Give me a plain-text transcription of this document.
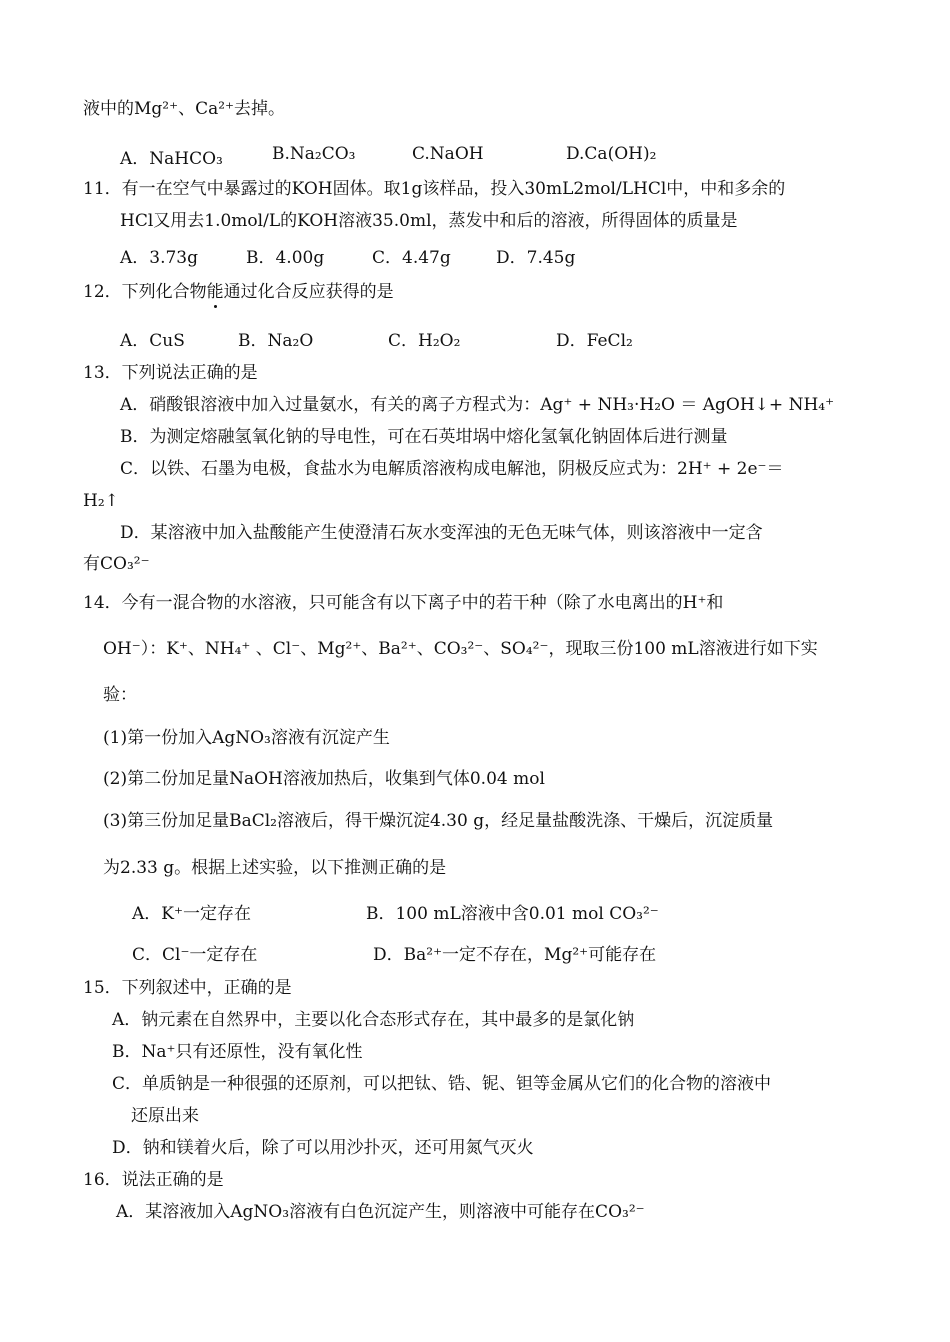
液中的Mg²⁺、Ca²⁺去掉。
A．NaHCO₃	B.Na₂CO₃	C.NaOH	D.Ca(OH)₂
11．有一在空气中暴露过的KOH固体。取1g该样品，投入30mL2mol/LHCl中，中和多余的
HCl又用去1.0mol/L的KOH溶液35.0ml，蒸发中和后的溶液，所得固体的质量是
A．3.73g	B．4.00g	C．4.47g	D．7.45g
12．下列化合物能通过化合反应获得的是
A．CuS	B．Na₂O	C．H₂O₂	D．FeCl₂
13．下列说法正确的是
A．硝酸银溶液中加入过量氨水，有关的离子方程式为：Ag⁺ + NH₃·H₂O ＝ AgOH↓+ NH₄⁺
B．为测定熔融氢氧化钠的导电性，可在石英坩埚中熔化氢氧化钠固体后进行测量
C．以铁、石墨为电极，食盐水为电解质溶液构成电解池，阴极反应式为：2H⁺ + 2e⁻＝
H₂↑
D．某溶液中加入盐酸能产生使澄清石灰水变浑浊的无色无味气体，则该溶液中一定含
有CO₃²⁻
14．今有一混合物的水溶液，只可能含有以下离子中的若干种（除了水电离出的H⁺和
OH⁻）：K⁺、NH₄⁺ 、Cl⁻、Mg²⁺、Ba²⁺、CO₃²⁻、SO₄²⁻，现取三份100 mL溶液进行如下实
验：
(1)第一份加入AgNO₃溶液有沉淀产生
(2)第二份加足量NaOH溶液加热后，收集到气体0.04 mol
(3)第三份加足量BaCl₂溶液后，得干燥沉淀4.30 g，经足量盐酸洗涤、干燥后，沉淀质量
为2.33 g。根据上述实验，以下推测正确的是
A．K⁺一定存在	B．100 mL溶液中含0.01 mol CO₃²⁻
C．Cl⁻一定存在	D．Ba²⁺一定不存在，Mg²⁺可能存在
15．下列叙述中，正确的是
A．钠元素在自然界中，主要以化合态形式存在，其中最多的是氯化钠
B．Na⁺只有还原性，没有氧化性
C．单质钠是一种很强的还原剂，可以把钛、锆、铌、钽等金属从它们的化合物的溶液中
还原出来
D．钠和镁着火后，除了可以用沙扑灭，还可用氮气灭火
16．说法正确的是
A．某溶液加入AgNO₃溶液有白色沉淀产生，则溶液中可能存在CO₃²⁻
